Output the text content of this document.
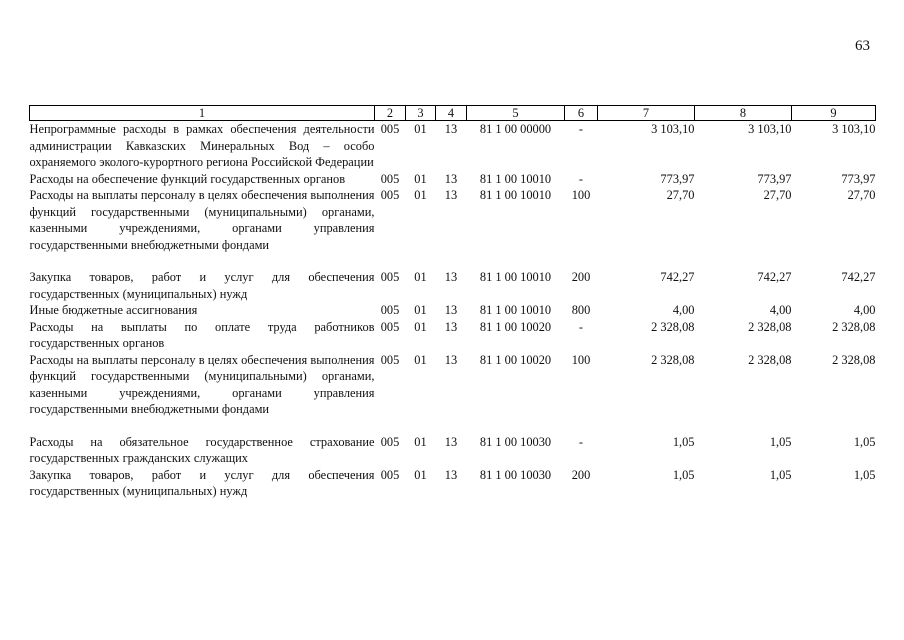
63
1	2	3	4	5	6	7	8	9
Непрограммные расходы в рамках обеспечения деятельности администрации Кавказских Минеральных Вод – особо охраняемого эколого-курортного региона Российской Федерации	005	01	13	81 1 00 00000	-	3 103,10	3 103,10	3 103,10
Расходы на обеспечение функций государственных органов	005	01	13	81 1 00 10010	-	773,97	773,97	773,97
Расходы на выплаты персоналу в целях обеспечения выполнения функций государственными (муниципальными) органами, казенными учреждениями, органами управления государственными внебюджетными фондами	005	01	13	81 1 00 10010	100	27,70	27,70	27,70
Закупка товаров, работ и услуг для обеспечения государственных (муниципальных) нужд	005	01	13	81 1 00 10010	200	742,27	742,27	742,27
Иные бюджетные ассигнования	005	01	13	81 1 00 10010	800	4,00	4,00	4,00
Расходы на выплаты по оплате труда работников государственных органов	005	01	13	81 1 00 10020	-	2 328,08	2 328,08	2 328,08
Расходы на выплаты персоналу в целях обеспечения выполнения функций государственными (муниципальными) органами, казенными учреждениями, органами управления государственными внебюджетными фондами	005	01	13	81 1 00 10020	100	2 328,08	2 328,08	2 328,08
Расходы на обязательное государственное страхование государственных гражданских служащих	005	01	13	81 1 00 10030	-	1,05	1,05	1,05
Закупка товаров, работ и услуг для обеспечения государственных (муниципальных) нужд	005	01	13	81 1 00 10030	200	1,05	1,05	1,05
